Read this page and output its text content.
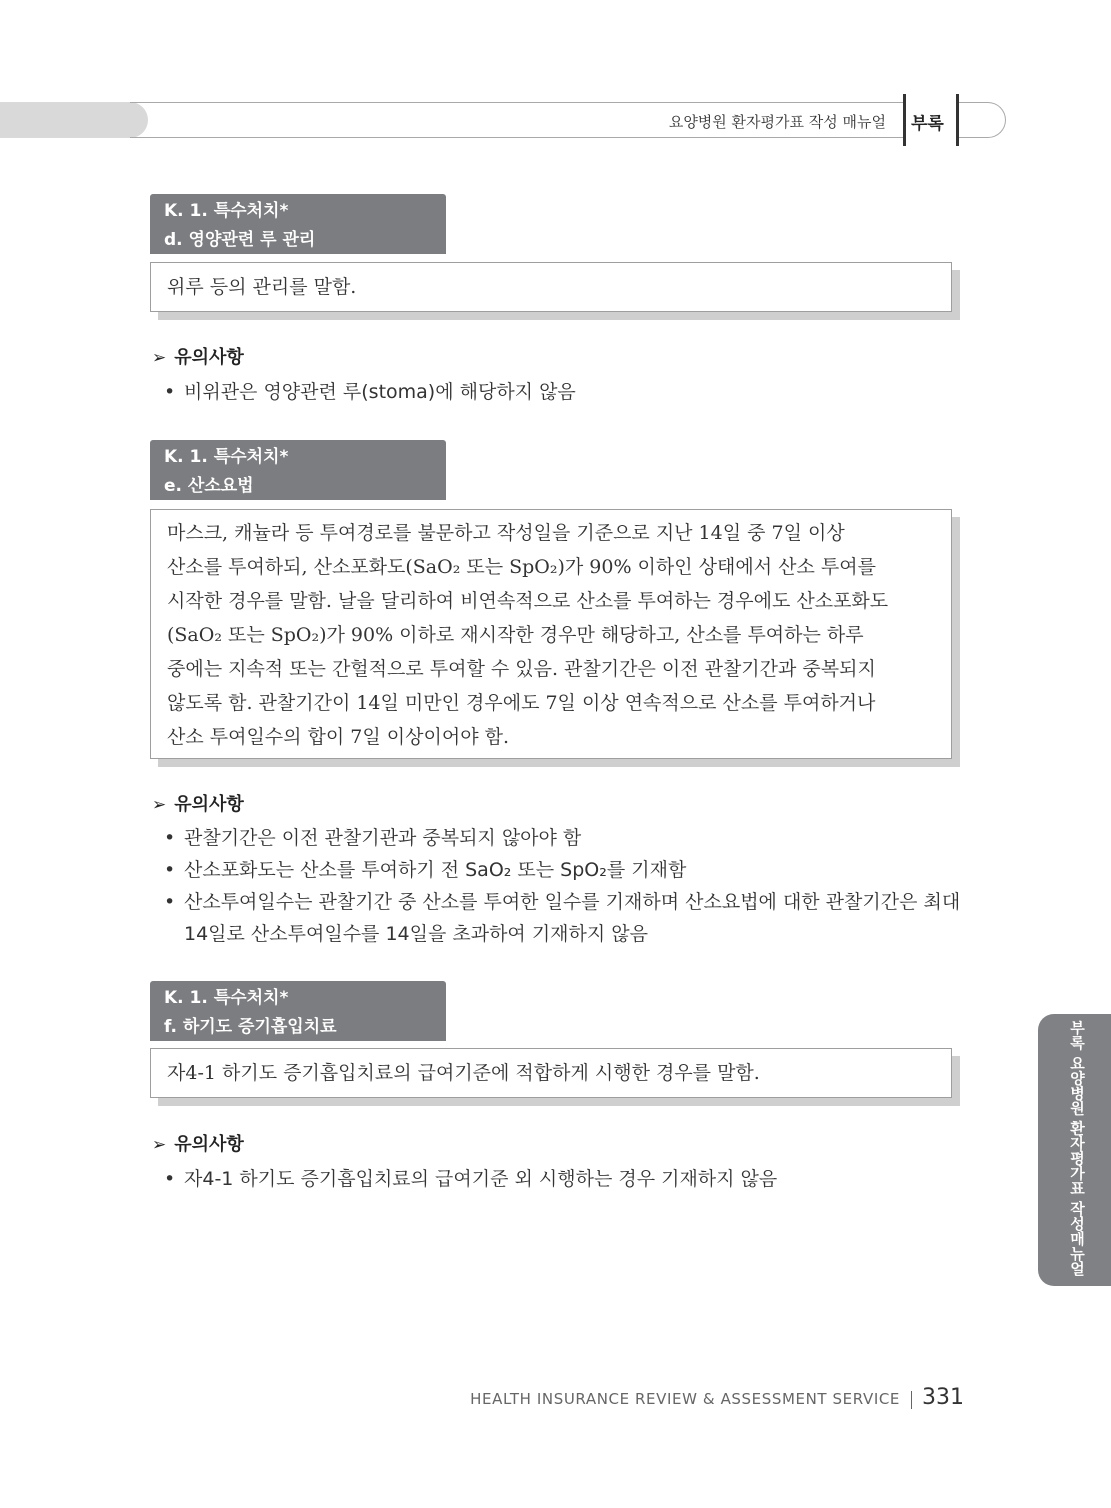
요양병원 환자평가표 작성 매뉴얼 부록
K. 1. 특수처치*
d. 영양관련 루 관리
위루 등의 관리를 말함.
➢ 유의사항
• 비위관은 영양관련 루(stoma)에 해당하지 않음
K. 1. 특수처치*
e. 산소요법

마스크, 캐뉼라 등 투여경로를 불문하고 작성일을 기준으로 지난 14일 중 7일 이상

산소를 투여하되, 산소포화도(SaO₂ 또는 SpO₂)가 90% 이하인 상태에서 산소 투여를

시작한 경우를 말함. 날을 달리하여 비연속적으로 산소를 투여하는 경우에도 산소포화도

(SaO₂ 또는 SpO₂)가 90% 이하로 재시작한 경우만 해당하고, 산소를 투여하는 하루

중에는 지속적 또는 간헐적으로 투여할 수 있음. 관찰기간은 이전 관찰기간과 중복되지

않도록 함. 관찰기간이 14일 미만인 경우에도 7일 이상 연속적으로 산소를 투여하거나

산소 투여일수의 합이 7일 이상이어야 함.

➢ 유의사항
• 관찰기간은 이전 관찰기관과 중복되지 않아야 함
• 산소포화도는 산소를 투여하기 전 SaO₂ 또는 SpO₂를 기재함
• 산소투여일수는 관찰기간 중 산소를 투여한 일수를 기재하며 산소요법에 대한 관찰기간은 최대 14일로 산소투여일수를 14일을 초과하여 기재하지 않음
K. 1. 특수처치*
f. 하기도 증기흡입치료
자4-1 하기도 증기흡입치료의 급여기준에 적합하게 시행한 경우를 말함.
➢ 유의사항
• 자4-1 하기도 증기흡입치료의 급여기준 외 시행하는 경우 기재하지 않음	부록 요양병원 환자평가표 작성매뉴얼
HEALTH INSURANCE REVIEW & ASSESSMENT SERVICE 331
